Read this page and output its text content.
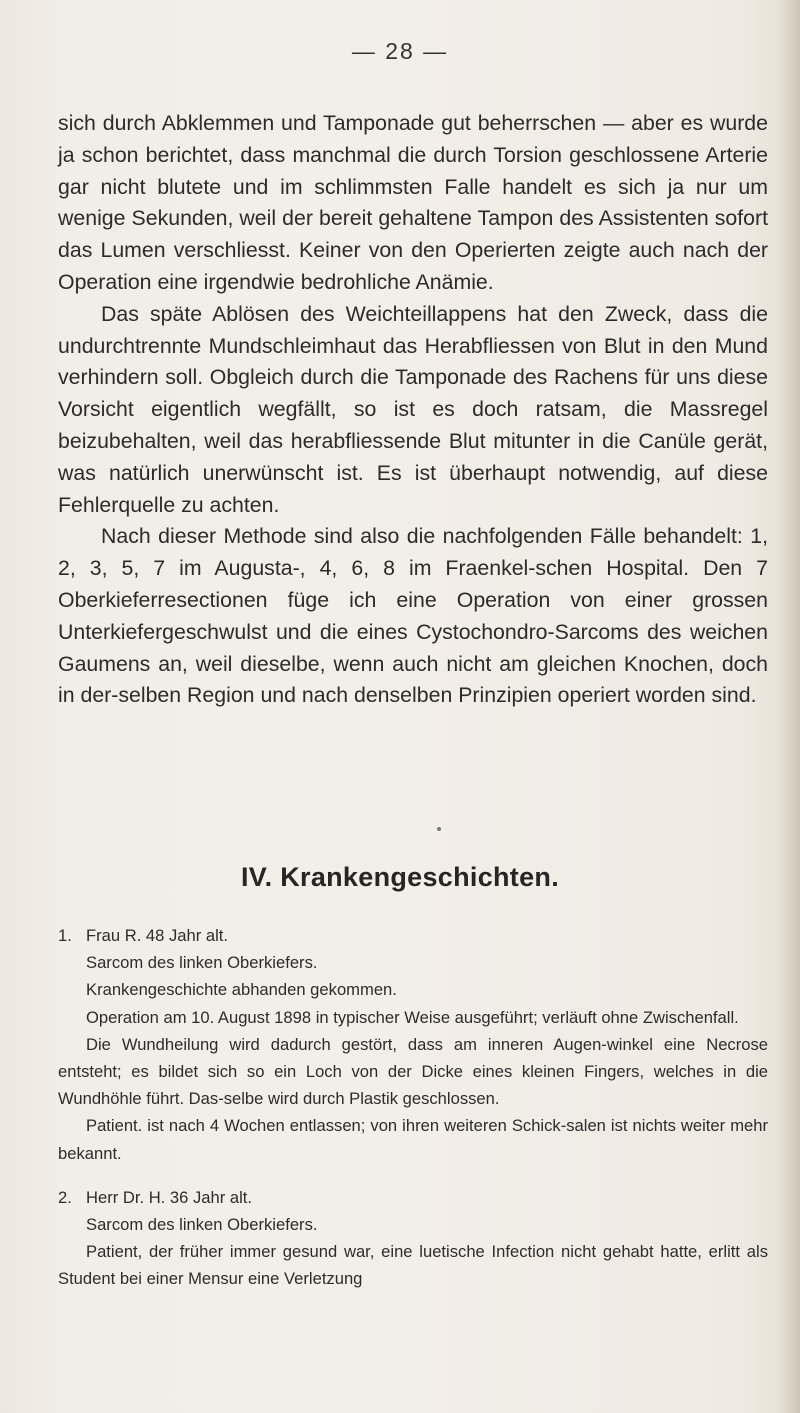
— 28 —

sich durch Abklemmen und Tamponade gut beherrschen — aber es wurde ja schon berichtet, dass manchmal die durch Torsion geschlossene Arterie gar nicht blutete und im schlimmsten Falle handelt es sich ja nur um wenige Sekunden, weil der bereit gehaltene Tampon des Assistenten sofort das Lumen verschliesst. Keiner von den Operierten zeigte auch nach der Operation eine irgendwie bedrohliche Anämie.

Das späte Ablösen des Weichteillappens hat den Zweck, dass die undurchtrennte Mundschleimhaut das Herabfliessen von Blut in den Mund verhindern soll. Obgleich durch die Tamponade des Rachens für uns diese Vorsicht eigentlich wegfällt, so ist es doch ratsam, die Massregel beizubehalten, weil das herabfliessende Blut mitunter in die Canüle gerät, was natürlich unerwünscht ist. Es ist überhaupt notwendig, auf diese Fehlerquelle zu achten.

Nach dieser Methode sind also die nachfolgenden Fälle behandelt: 1, 2, 3, 5, 7 im Augusta-, 4, 6, 8 im Fraenkel-schen Hospital. Den 7 Oberkieferresectionen füge ich eine Operation von einer grossen Unterkiefergeschwulst und die eines Cystochondro-Sarcoms des weichen Gaumens an, weil dieselbe, wenn auch nicht am gleichen Knochen, doch in der-selben Region und nach denselben Prinzipien operiert worden sind.

IV. Krankengeschichten.

1. Frau R. 48 Jahr alt.

Sarcom des linken Oberkiefers.

Krankengeschichte abhanden gekommen.

Operation am 10. August 1898 in typischer Weise ausgeführt; verläuft ohne Zwischenfall.

Die Wundheilung wird dadurch gestört, dass am inneren Augen-winkel eine Necrose entsteht; es bildet sich so ein Loch von der Dicke eines kleinen Fingers, welches in die Wundhöhle führt. Das-selbe wird durch Plastik geschlossen.

Patient. ist nach 4 Wochen entlassen; von ihren weiteren Schick-salen ist nichts weiter mehr bekannt.

2. Herr Dr. H. 36 Jahr alt.

Sarcom des linken Oberkiefers.

Patient, der früher immer gesund war, eine luetische Infection nicht gehabt hatte, erlitt als Student bei einer Mensur eine Verletzung
